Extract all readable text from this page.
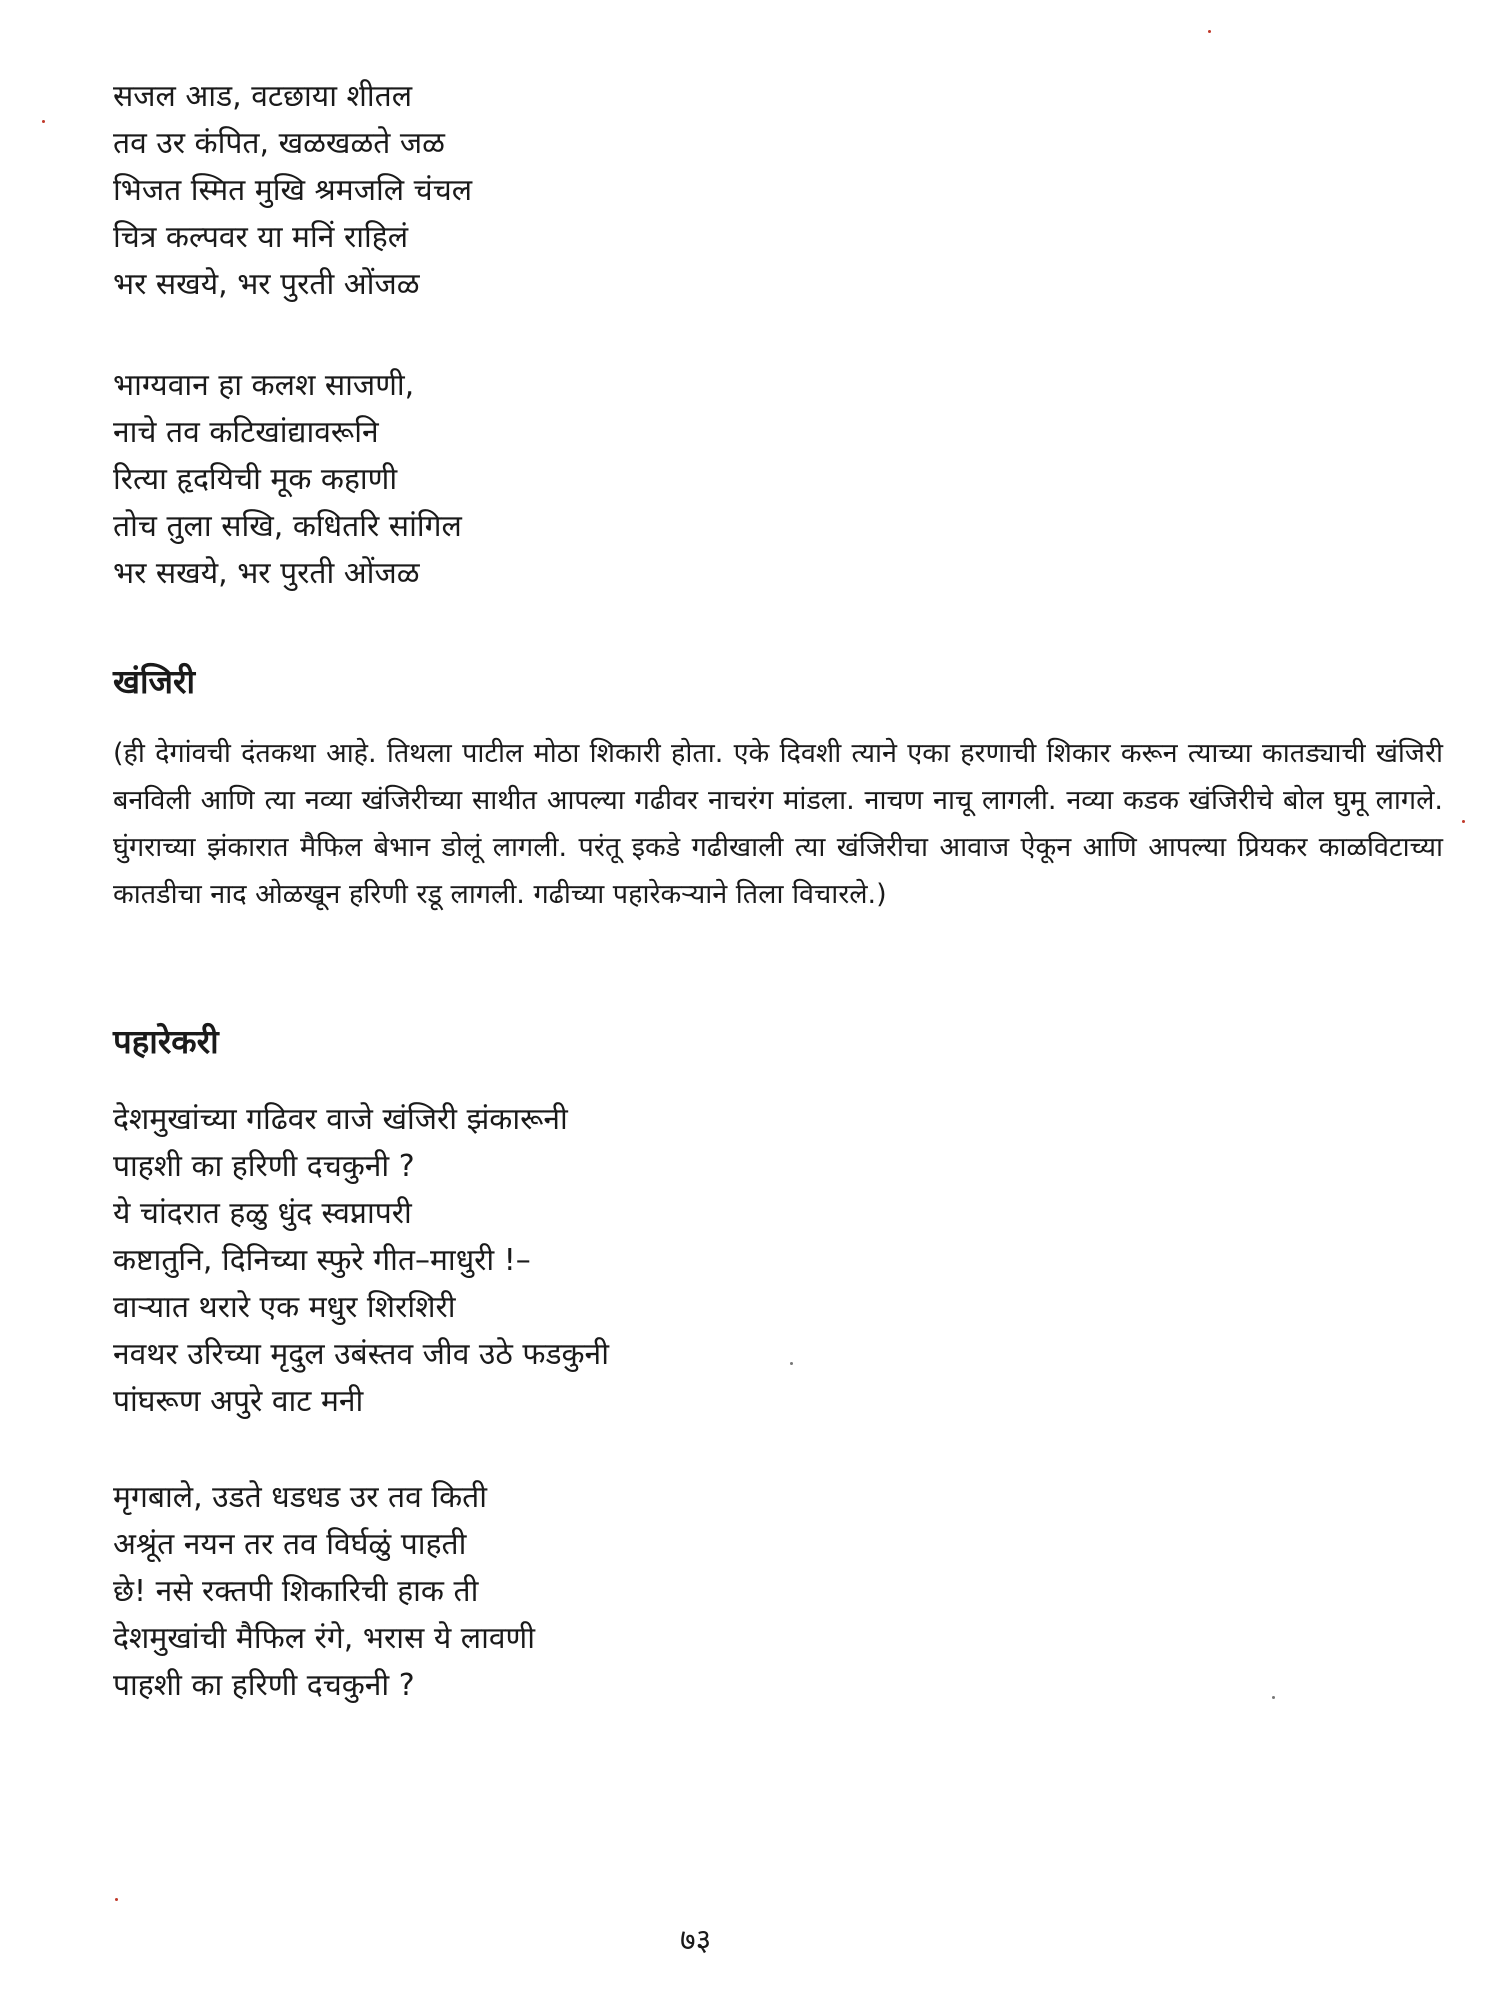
सजल आड, वटछाया शीतल
तव उर कंपित, खळखळते जळ
भिजत स्मित मुखि श्रमजलि चंचल
चित्र कल्पवर या मनिं राहिलं
भर सखये, भर पुरती ओंजळ
भाग्यवान हा कलश साजणी,
नाचे तव कटिखांद्यावरूनि
रित्या हृदयिची मूक कहाणी
तोच तुला सखि, कधितरि सांगिल
भर सखये, भर पुरती ओंजळ
खंजिरी

(ही देगांवची दंतकथा आहे. तिथला पाटील मोठा शिकारी होता. एके दिवशी त्याने एका हरणाची शिकार करून त्याच्या कातड्याची खंजिरी बनविली आणि त्या नव्या खंजिरीच्या साथीत आपल्या गढीवर नाचरंग मांडला. नाचण नाचू लागली. नव्या कडक खंजिरीचे बोल घुमू लागले. घुंगराच्या झंकारात मैफिल बेभान डोलूं लागली. परंतू इकडे गढीखाली त्या खंजिरीचा आवाज ऐकून आणि आपल्या प्रियकर काळविटाच्या कातडीचा नाद ओळखून हरिणी रडू लागली. गढीच्या पहारेकऱ्याने तिला विचारले.)

पहारेकरी
देशमुखांच्या गढिवर वाजे खंजिरी झंकारूनी
पाहशी का हरिणी दचकुनी ?
ये चांदरात हळु धुंद स्वप्नापरी
कष्टातुनि, दिनिच्या स्फुरे गीत–माधुरी !–
वाऱ्यात थरारे एक मधुर शिरशिरी
नवथर उरिच्या मृदुल उबंस्तव जीव उठे फडकुनी
पांघरूण अपुरे वाट मनी
मृगबाले, उडते धडधड उर तव किती
अश्रूंत नयन तर तव विर्घळुं पाहती
छे! नसे रक्तपी शिकारिची हाक ती
देशमुखांची मैफिल रंगे, भरास ये लावणी
पाहशी का हरिणी दचकुनी ?

७३
